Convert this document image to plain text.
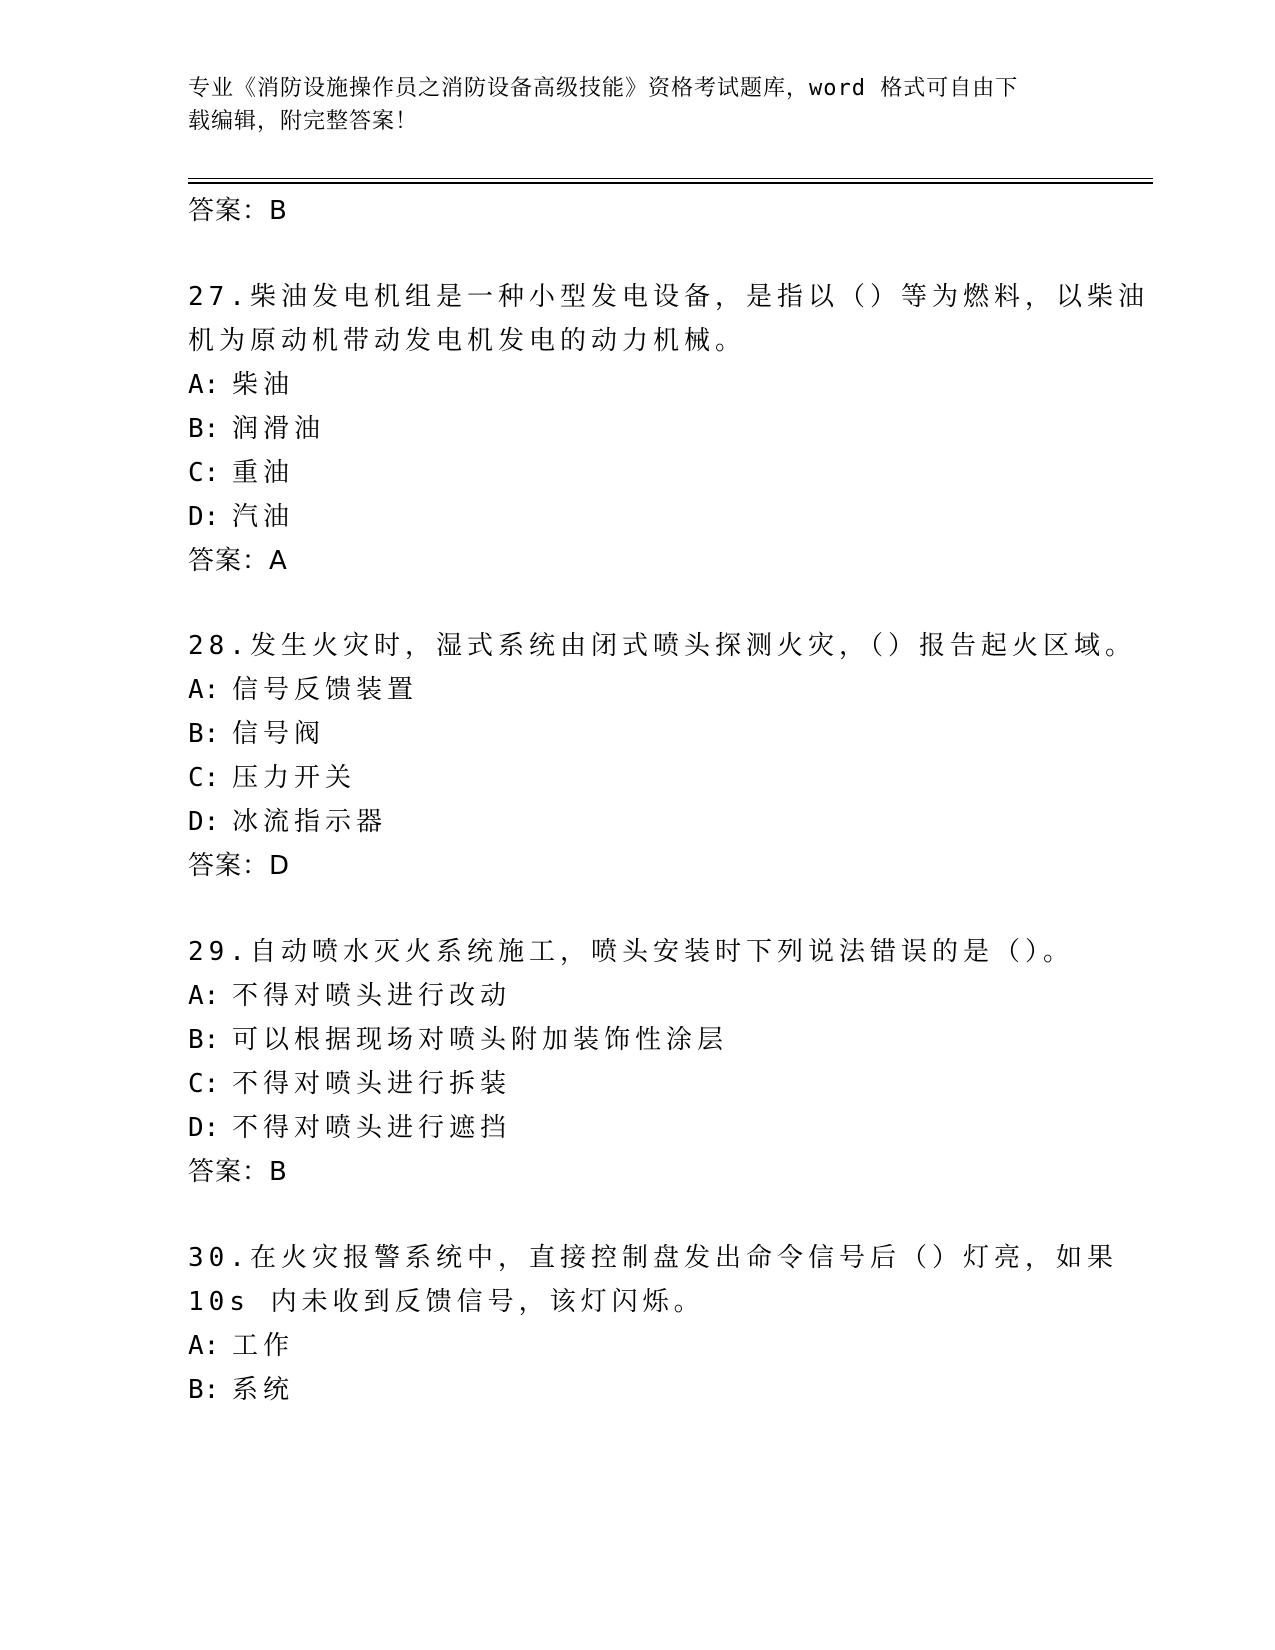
专业《消防设施操作员之消防设备高级技能》资格考试题库，word 格式可自由下
载编辑，附完整答案！
答案：B
27.柴油发电机组是一种小型发电设备，是指以（）等为燃料，以柴油
机为原动机带动发电机发电的动力机械。
A: 柴油
B: 润滑油
C: 重油
D: 汽油
答案：A
28.发生火灾时，湿式系统由闭式喷头探测火灾，（）报告起火区域。
A: 信号反馈装置
B: 信号阀
C: 压力开关
D: 冰流指示器
答案：D
29.自动喷水灭火系统施工，喷头安装时下列说法错误的是（）。
A: 不得对喷头进行改动
B: 可以根据现场对喷头附加装饰性涂层
C: 不得对喷头进行拆装
D: 不得对喷头进行遮挡
答案：B
30.在火灾报警系统中，直接控制盘发出命令信号后（）灯亮，如果
10s 内未收到反馈信号，该灯闪烁。
A: 工作
B: 系统
